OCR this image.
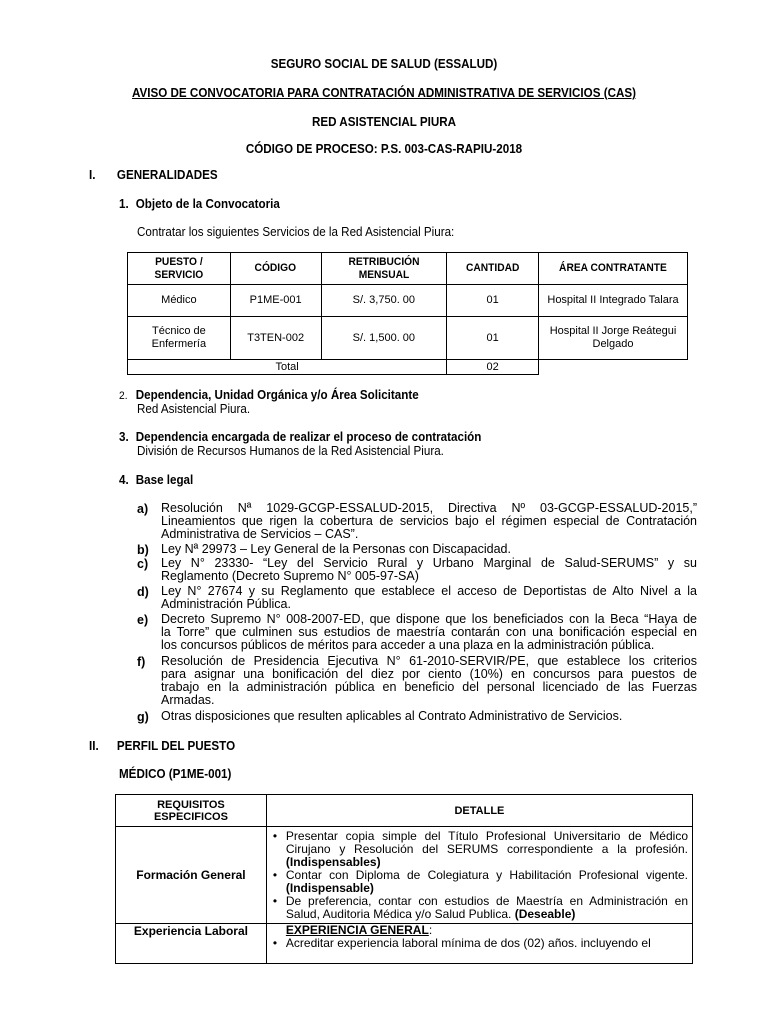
SEGURO SOCIAL DE SALUD (ESSALUD)
AVISO DE CONVOCATORIA PARA CONTRATACIÓN ADMINISTRATIVA DE SERVICIOS (CAS)
RED ASISTENCIAL PIURA
CÓDIGO DE PROCESO: P.S. 003-CAS-RAPIU-2018
I. GENERALIDADES
1. Objeto de la Convocatoria
Contratar los siguientes Servicios de la Red Asistencial Piura:
PUESTO / SERVICIO	CÓDIGO	RETRIBUCIÓN MENSUAL	CANTIDAD	ÁREA CONTRATANTE
Médico	P1ME-001	S/. 3,750. 00	01	Hospital II Integrado Talara
Técnico de Enfermería	T3TEN-002	S/. 1,500. 00	01	Hospital II Jorge Reátegui Delgado
Total			02	
2. Dependencia, Unidad Orgánica y/o Área Solicitante
Red Asistencial Piura.
3. Dependencia encargada de realizar el proceso de contratación
División de Recursos Humanos de la Red Asistencial Piura.
4. Base legal
a)	Resolución Nª 1029-GCGP-ESSALUD-2015, Directiva Nº 03-GCGP-ESSALUD-2015,”
Lineamientos que rigen la cobertura de servicios bajo el régimen especial de Contratación
Administrativa de Servicios – CAS”.
b) Ley Nª 29973 – Ley General de la Personas con Discapacidad.
c)	Ley N° 23330- “Ley del Servicio Rural y Urbano Marginal de Salud-SERUMS” y su
Reglamento (Decreto Supremo N° 005-97-SA)
d) Ley N° 27674 y su Reglamento que establece el acceso de Deportistas de Alto Nivel a la
Administración Pública.
e)	Decreto Supremo N° 008-2007-ED, que dispone que los beneficiados con la Beca “Haya de
la Torre” que culminen sus estudios de maestría contarán con una bonificación especial en
los concursos públicos de méritos para acceder a una plaza en la administración pública.
f)	Resolución de Presidencia Ejecutiva N° 61-2010-SERVIR/PE, que establece los criterios
para asignar una bonificación del diez por ciento (10%) en concursos para puestos de
trabajo en la administración pública en beneficio del personal licenciado de las Fuerzas
Armadas.
g) Otras disposiciones que resulten aplicables al Contrato Administrativo de Servicios.
II. PERFIL DEL PUESTO
MÉDICO (P1ME-001)
REQUISITOS ESPECIFICOS	DETALLE
Formación General	• Presentar copia simple del Título Profesional Universitario de Médico Cirujano y Resolución del SERUMS correspondiente a la profesión. (Indispensables)
• Contar con Diploma de Colegiatura y Habilitación Profesional vigente. (Indispensable)
• De preferencia, contar con estudios de Maestría en Administración en Salud, Auditoria Médica y/o Salud Publica. (Deseable)

Experiencia Laboral	EXPERIENCIA GENERAL:
• Acreditar experiencia laboral mínima de dos (02) años. incluyendo el
